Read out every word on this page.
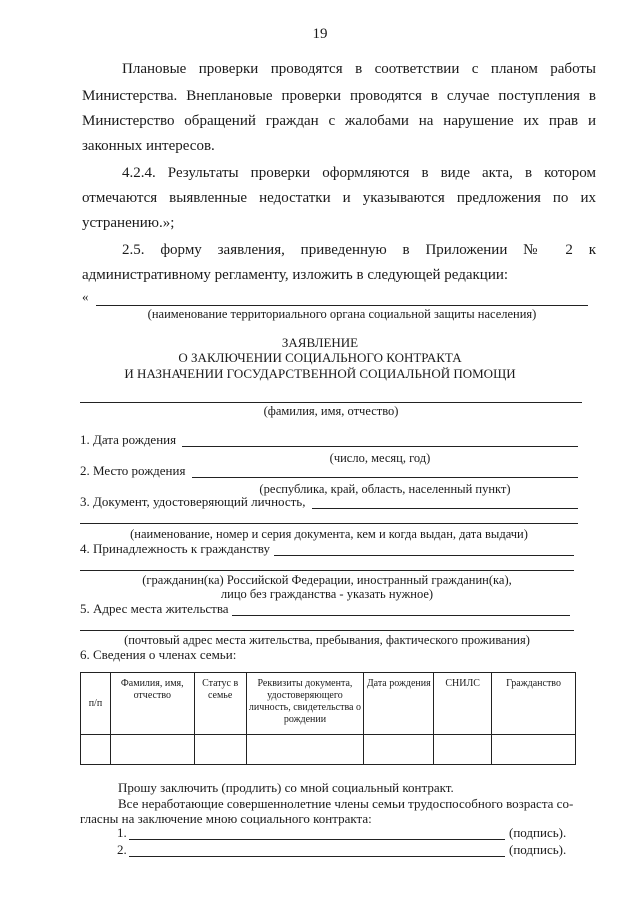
19
Плановые проверки проводятся в соответствии с планом работы
Министерства. Внеплановые проверки проводятся в случае поступления в
Министерство обращений граждан с жалобами на нарушение их прав и
законных интересов.
4.2.4. Результаты проверки оформляются в виде акта, в котором
отмечаются выявленные недостатки и указываются предложения по их
устранению.»;
2.5. форму заявления, приведенную в Приложении № 2 к
административному регламенту, изложить в следующей редакции:
«
(наименование территориального органа социальной защиты населения)
ЗАЯВЛЕНИЕ
О ЗАКЛЮЧЕНИИ СОЦИАЛЬНОГО КОНТРАКТА
И НАЗНАЧЕНИИ ГОСУДАРСТВЕННОЙ СОЦИАЛЬНОЙ ПОМОЩИ
(фамилия, имя, отчество)
1. Дата рождения
(число, месяц, год)
2. Место рождения
(республика, край, область, населенный пункт)
3. Документ, удостоверяющий личность,
(наименование, номер и серия документа, кем и когда выдан, дата выдачи)
4. Принадлежность к гражданству
(гражданин(ка) Российской Федерации, иностранный гражданин(ка),
лицо без гражданства - указать нужное)
5. Адрес места жительства
(почтовый адрес места жительства, пребывания, фактического проживания)
6. Сведения о членах семьи:
п/п	Фамилия, имя, отчество	Статус в семье	Реквизиты документа, удостоверяющего личность, свидетельства о рождении	Дата рождения	СНИЛС	Гражданство

Прошу заключить (продлить) со мной социальный контракт.
Все неработающие совершеннолетние члены семьи трудоспособного возраста со-
гласны на заключение мною социального контракта:
1.	(подпись).
2.	(подпись).
